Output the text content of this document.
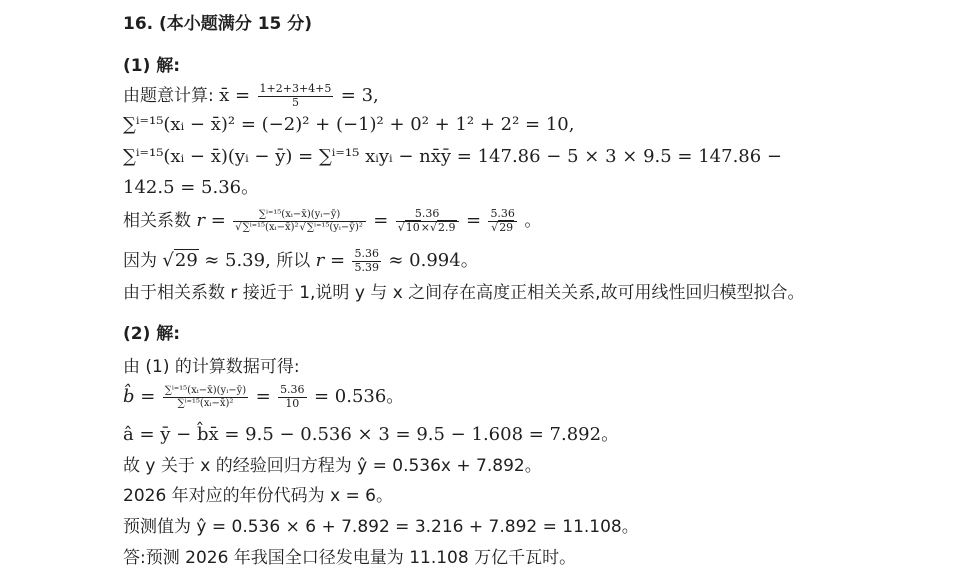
16. (本小题满分 15 分)
(1) 解:
由题意计算: x̄ = $\frac{1+2+3+4+5}{5} = 3$,
∑ⁱ⁼¹⁵(xᵢ − x̄)² = (−2)² + (−1)² + 0² + 1² + 2² = 10,
∑ⁱ⁼¹⁵(xᵢ − x̄)(yᵢ − ȳ) = ∑ⁱ⁼¹⁵ xᵢyᵢ − nx̄ȳ = 147.86 − 5 × 3 × 9.5 = 147.86 −
142.5 = 5.36。
相关系数 $r = \frac{\text{∑ⁱ⁼¹⁵(xᵢ−x̄)(yᵢ−ȳ)}}{\text{√∑ⁱ⁼¹⁵(xᵢ−x̄)²√∑ⁱ⁼¹⁵(yᵢ−ȳ)²}} = \frac{5.36}{√10\times√2.9} = \frac{5.36}{√29}$ 。
因为 √29 ≈ 5.39, 所以 $r = \frac{5.36}{5.39} \approx 0.994$。
由于相关系数 r 接近于 1,说明 y 与 x 之间存在高度正相关关系,故可用线性回归模型拟合。
(2) 解:
由 (1) 的计算数据可得:
b̂ = $\frac{\text{∑ⁱ⁼¹⁵(xᵢ−x̄)(yᵢ−ȳ)}}{\text{∑ⁱ⁼¹⁵(xᵢ−x̄)²}} = \frac{5.36}{10} = 0.536$。
â = ȳ − b̂x̄ = 9.5 − 0.536 × 3 = 9.5 − 1.608 = 7.892。
故 y 关于 x 的经验回归方程为 ŷ = 0.536x + 7.892。
2026 年对应的年份代码为 x = 6。
预测值为 ŷ = 0.536 × 6 + 7.892 = 3.216 + 7.892 = 11.108。
答:预测 2026 年我国全口径发电量为 11.108 万亿千瓦时。
